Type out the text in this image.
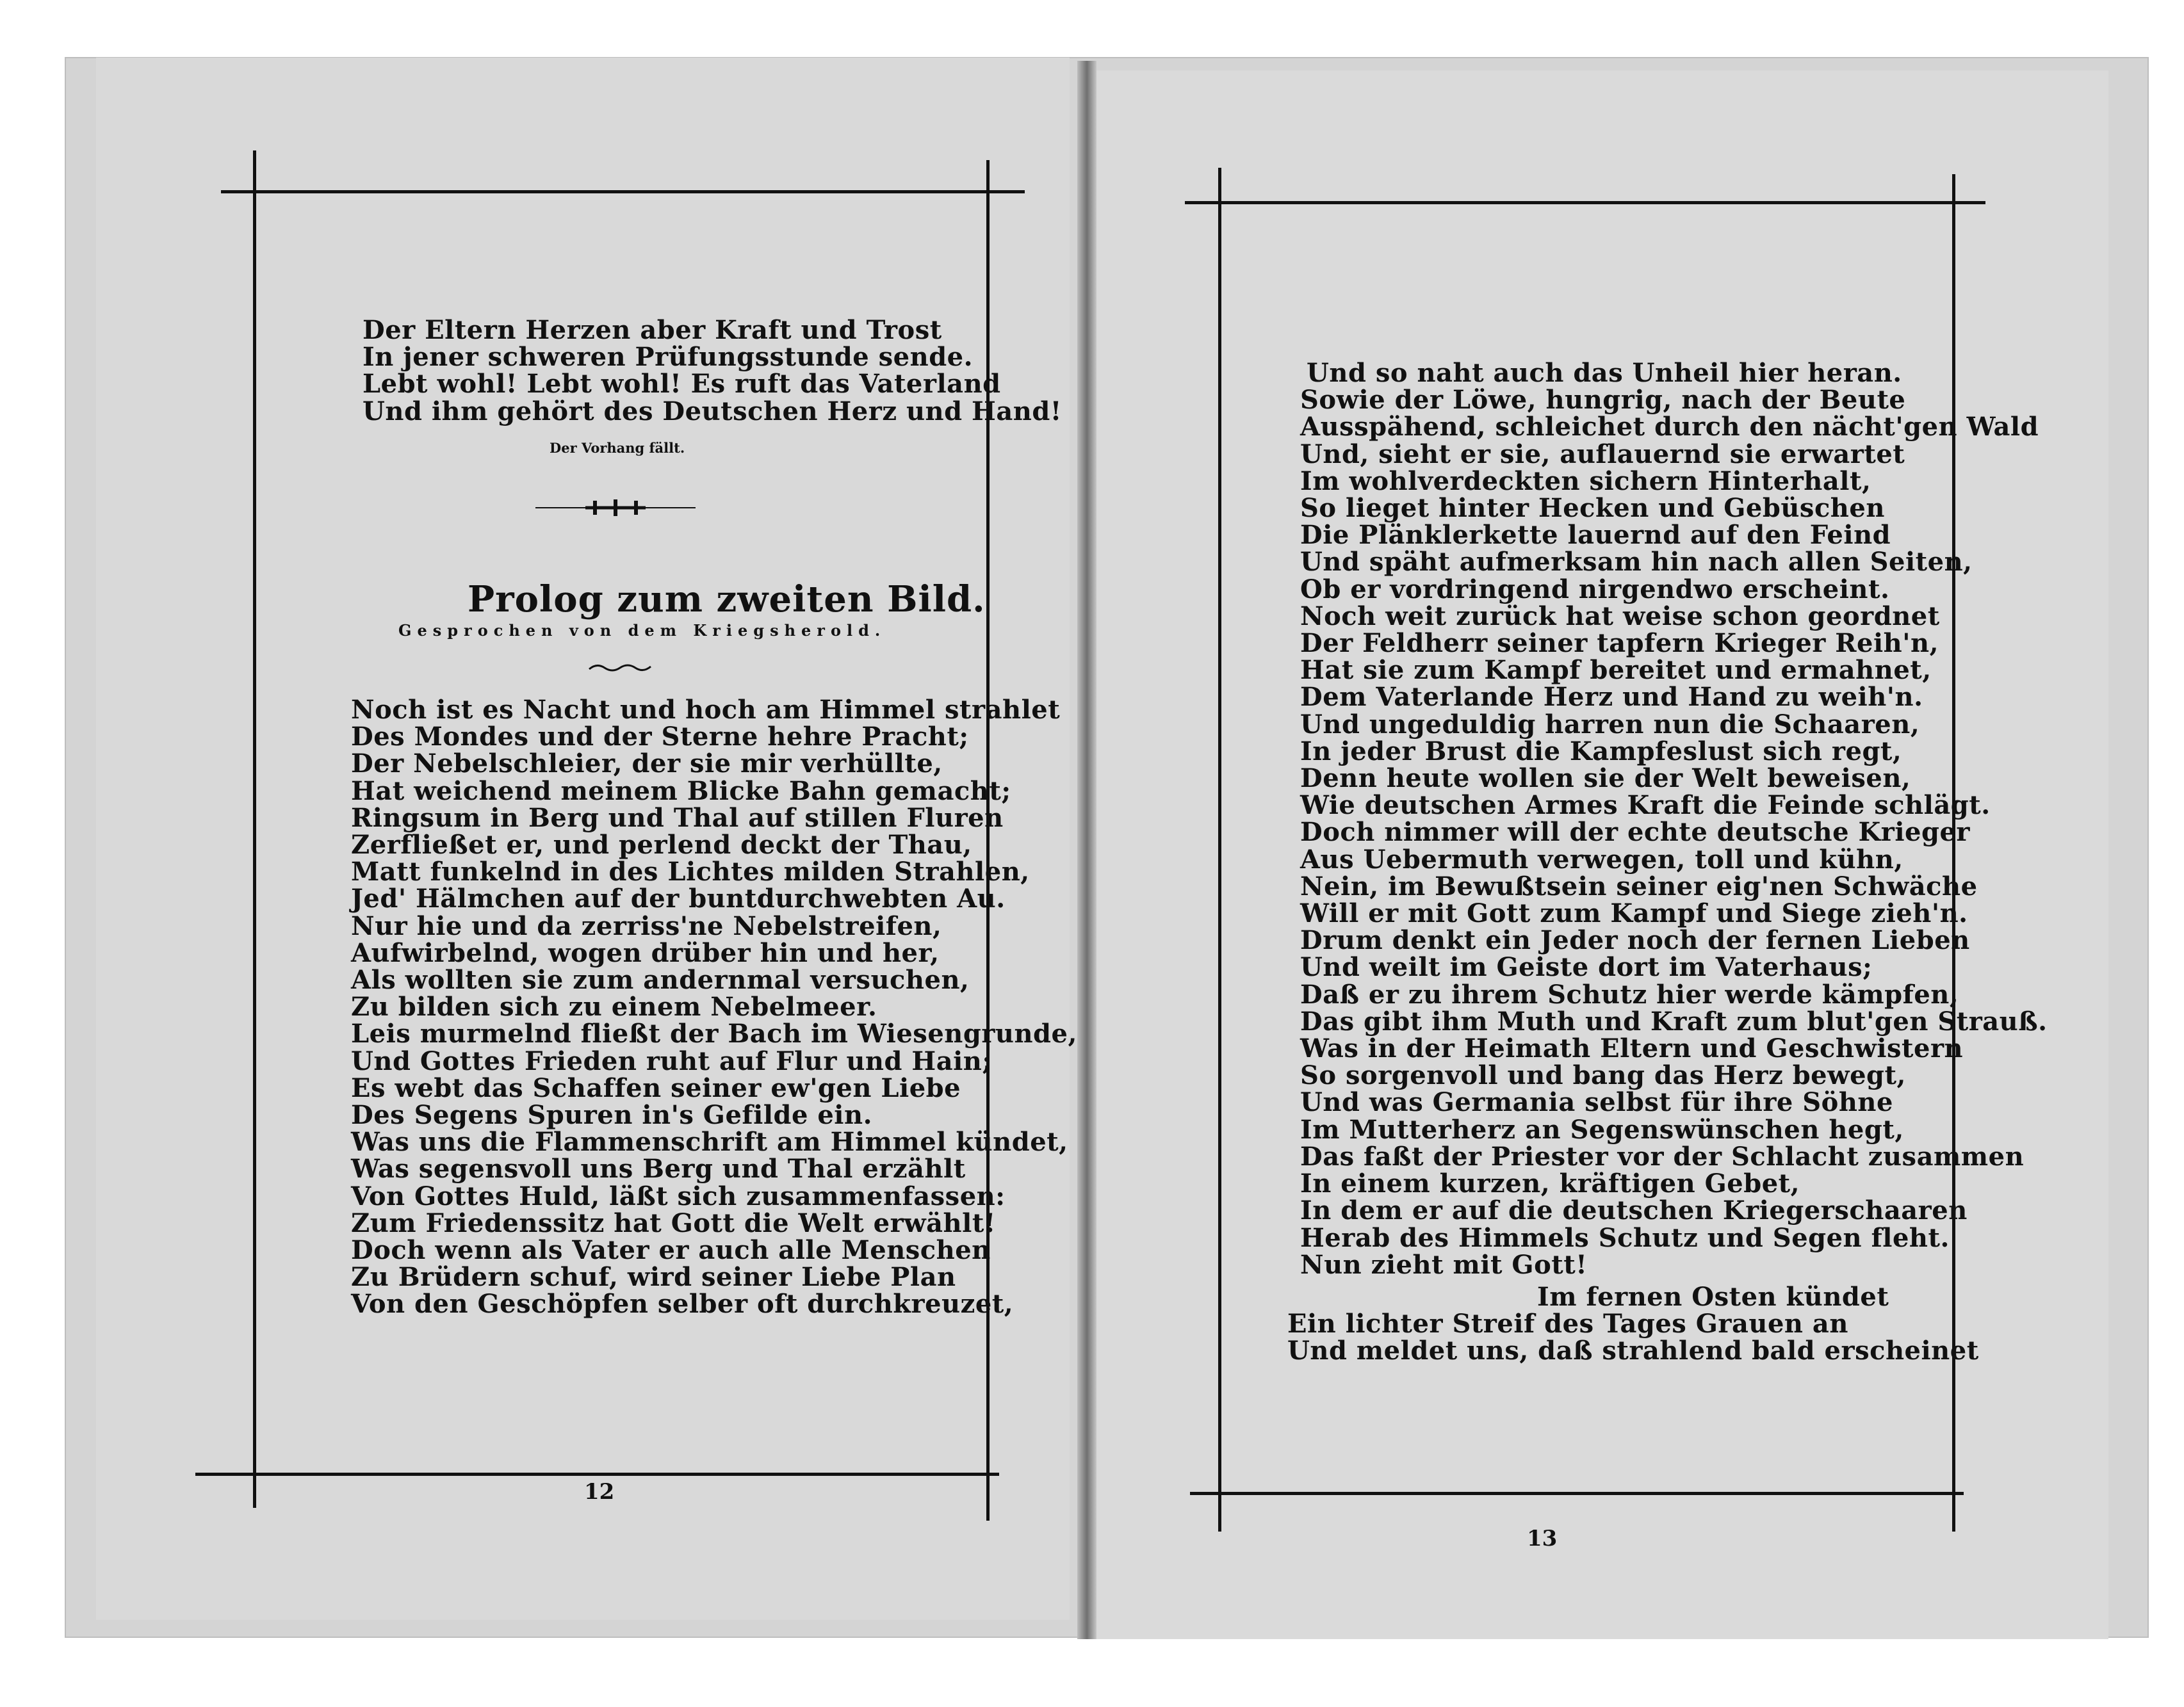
Der Eltern Herzen aber Kraft und Trost
In jener schweren Prüfungsstunde sende.
Lebt wohl! Lebt wohl! Es ruft das Vaterland
Und ihm gehört des Deutschen Herz und Hand!
Der Vorhang fällt.
Prolog zum zweiten Bild.
Gesprochen von dem Kriegsherold.
Noch ist es Nacht und hoch am Himmel strahlet
Des Mondes und der Sterne hehre Pracht;
Der Nebelschleier, der sie mir verhüllte,
Hat weichend meinem Blicke Bahn gemacht;
Ringsum in Berg und Thal auf stillen Fluren
Zerfließet er, und perlend deckt der Thau,
Matt funkelnd in des Lichtes milden Strahlen,
Jed' Hälmchen auf der buntdurchwebten Au.
Nur hie und da zerriss'ne Nebelstreifen,
Aufwirbelnd, wogen drüber hin und her,
Als wollten sie zum andernmal versuchen,
Zu bilden sich zu einem Nebelmeer.
Leis murmelnd fließt der Bach im Wiesengrunde,
Und Gottes Frieden ruht auf Flur und Hain;
Es webt das Schaffen seiner ew'gen Liebe
Des Segens Spuren in's Gefilde ein.
Was uns die Flammenschrift am Himmel kündet,
Was segensvoll uns Berg und Thal erzählt
Von Gottes Huld, läßt sich zusammenfassen:
Zum Friedenssitz hat Gott die Welt erwählt!
Doch wenn als Vater er auch alle Menschen
Zu Brüdern schuf, wird seiner Liebe Plan
Von den Geschöpfen selber oft durchkreuzet,
12
Und so naht auch das Unheil hier heran.
Sowie der Löwe, hungrig, nach der Beute
Ausspähend, schleichet durch den nächt'gen Wald
Und, sieht er sie, auflauernd sie erwartet
Im wohlverdeckten sichern Hinterhalt,
So lieget hinter Hecken und Gebüschen
Die Plänklerkette lauernd auf den Feind
Und späht aufmerksam hin nach allen Seiten,
Ob er vordringend nirgendwo erscheint.
Noch weit zurück hat weise schon geordnet
Der Feldherr seiner tapfern Krieger Reih'n,
Hat sie zum Kampf bereitet und ermahnet,
Dem Vaterlande Herz und Hand zu weih'n.
Und ungeduldig harren nun die Schaaren,
In jeder Brust die Kampfeslust sich regt,
Denn heute wollen sie der Welt beweisen,
Wie deutschen Armes Kraft die Feinde schlägt.
Doch nimmer will der echte deutsche Krieger
Aus Uebermuth verwegen, toll und kühn,
Nein, im Bewußtsein seiner eig'nen Schwäche
Will er mit Gott zum Kampf und Siege zieh'n.
Drum denkt ein Jeder noch der fernen Lieben
Und weilt im Geiste dort im Vaterhaus;
Daß er zu ihrem Schutz hier werde kämpfen,
Das gibt ihm Muth und Kraft zum blut'gen Strauß.
Was in der Heimath Eltern und Geschwistern
So sorgenvoll und bang das Herz bewegt,
Und was Germania selbst für ihre Söhne
Im Mutterherz an Segenswünschen hegt,
Das faßt der Priester vor der Schlacht zusammen
In einem kurzen, kräftigen Gebet,
In dem er auf die deutschen Kriegerschaaren
Herab des Himmels Schutz und Segen fleht.
Nun zieht mit Gott!
Im fernen Osten kündet
Ein lichter Streif des Tages Grauen an
Und meldet uns, daß strahlend bald erscheinet
13
